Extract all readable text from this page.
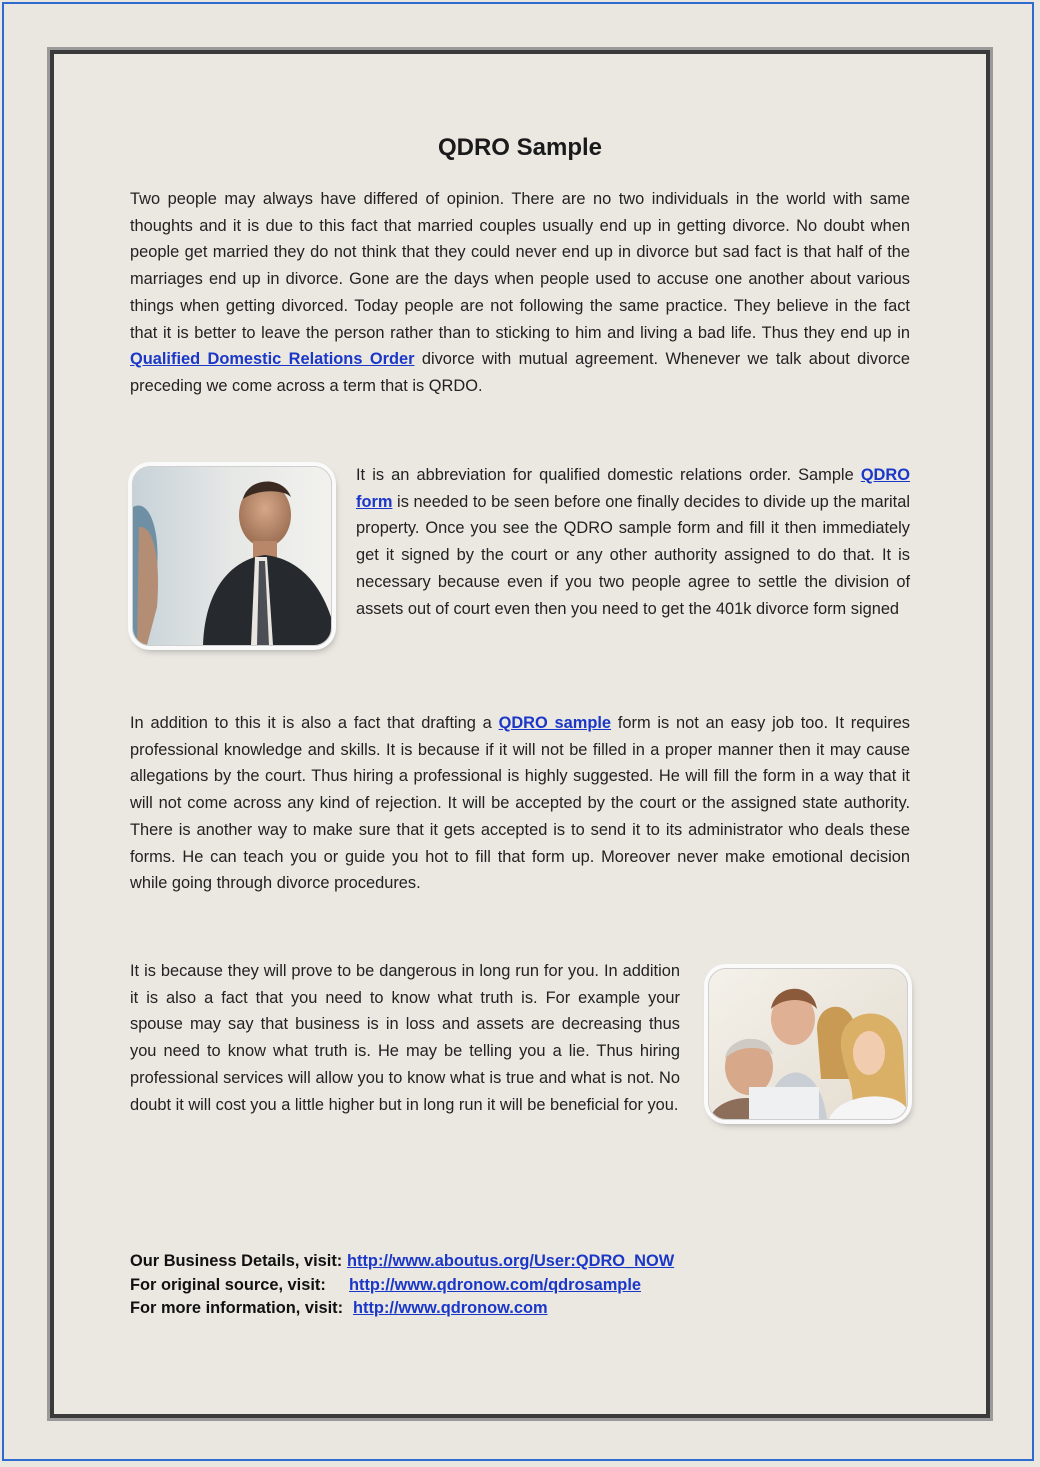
QDRO Sample

Two people may always have differed of opinion. There are no two individuals in the world with same thoughts and it is due to this fact that married couples usually end up in getting divorce. No doubt when people get married they do not think that they could never end up in divorce but sad fact is that half of the marriages end up in divorce. Gone are the days when people used to accuse one another about various things when getting divorced. Today people are not following the same practice. They believe in the fact that it is better to leave the person rather than to sticking to him and living a bad life. Thus they end up in Qualified Domestic Relations Order divorce with mutual agreement. Whenever we talk about divorce preceding we come across a term that is QRDO.

It is an abbreviation for qualified domestic relations order. Sample QDRO form is needed to be seen before one finally decides to divide up the marital property. Once you see the QDRO sample form and fill it then immediately get it signed by the court or any other authority assigned to do that. It is necessary because even if you two people agree to settle the division of assets out of court even then you need to get the 401k divorce form signed

In addition to this it is also a fact that drafting a QDRO sample form is not an easy job too. It requires professional knowledge and skills. It is because if it will not be filled in a proper manner then it may cause allegations by the court. Thus hiring a professional is highly suggested. He will fill the form in a way that it will not come across any kind of rejection. It will be accepted by the court or the assigned state authority. There is another way to make sure that it gets accepted is to send it to its administrator who deals these forms. He can teach you or guide you hot to fill that form up. Moreover never make emotional decision while going through divorce procedures.

It is because they will prove to be dangerous in long run for you. In addition it is also a fact that you need to know what truth is. For example your spouse may say that business is in loss and assets are decreasing thus you need to know what truth is. He may be telling you a lie. Thus hiring professional services will allow you to know what is true and what is not. No doubt it will cost you a little higher but in long run it will be beneficial for you.

Our Business Details, visit: http://www.aboutus.org/User:QDRO_NOW
For original source, visit: http://www.qdronow.com/qdrosample
For more information, visit: http://www.qdronow.com
